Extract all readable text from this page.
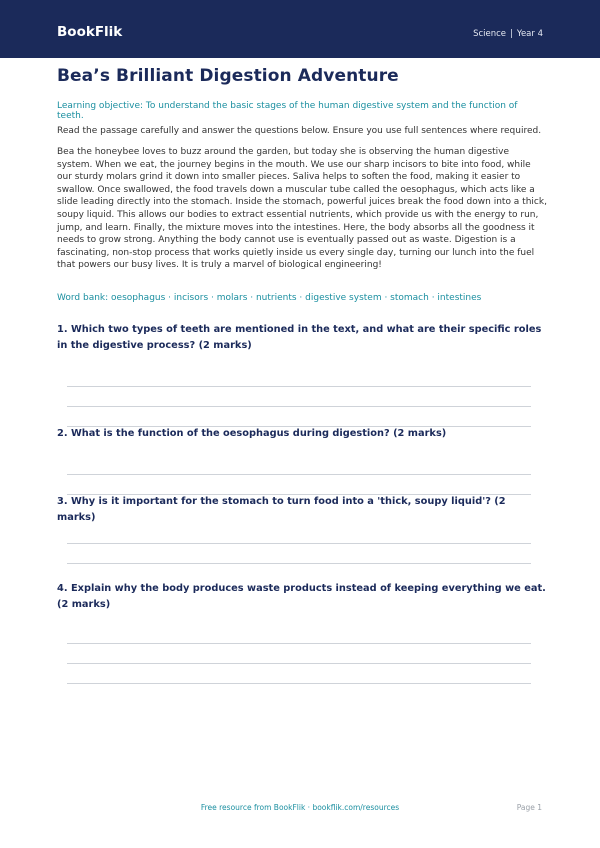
BookFlik	Science | Year 4
Bea’s Brilliant Digestion Adventure
Learning objective: To understand the basic stages of the human digestive system and the function of teeth.
Read the passage carefully and answer the questions below. Ensure you use full sentences where required.
Bea the honeybee loves to buzz around the garden, but today she is observing the human digestive system. When we eat, the journey begins in the mouth. We use our sharp incisors to bite into food, while our sturdy molars grind it down into smaller pieces. Saliva helps to soften the food, making it easier to swallow. Once swallowed, the food travels down a muscular tube called the oesophagus, which acts like a slide leading directly into the stomach. Inside the stomach, powerful juices break the food down into a thick, soupy liquid. This allows our bodies to extract essential nutrients, which provide us with the energy to run, jump, and learn. Finally, the mixture moves into the intestines. Here, the body absorbs all the goodness it needs to grow strong. Anything the body cannot use is eventually passed out as waste. Digestion is a fascinating, non-stop process that works quietly inside us every single day, turning our lunch into the fuel that powers our busy lives. It is truly a marvel of biological engineering!
Word bank: oesophagus · incisors · molars · nutrients · digestive system · stomach · intestines
1. Which two types of teeth are mentioned in the text, and what are their specific roles in the digestive process? (2 marks)
2. What is the function of the oesophagus during digestion? (2 marks)
3. Why is it important for the stomach to turn food into a 'thick, soupy liquid'? (2 marks)
4. Explain why the body produces waste products instead of keeping everything we eat. (2 marks)
Free resource from BookFlik · bookflik.com/resources	Page 1
